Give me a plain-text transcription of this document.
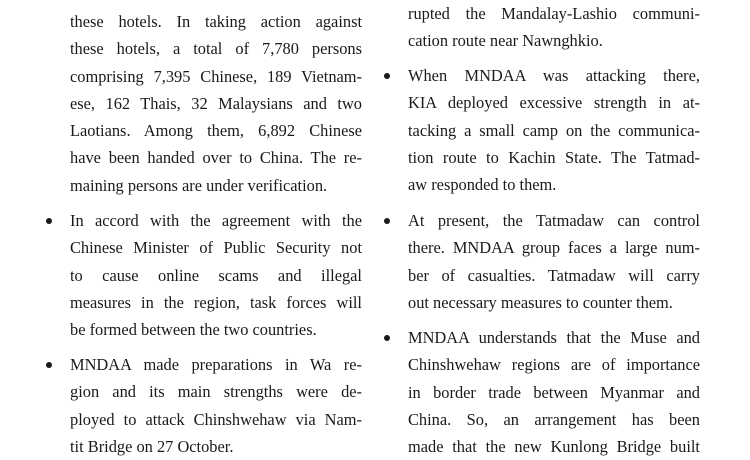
these hotels. In taking action against
these hotels, a total of 7,780 persons
comprising 7,395 Chinese, 189 Vietnam-
ese, 162 Thais, 32 Malaysians and two
Laotians. Among them, 6,892 Chinese
have been handed over to China. The re-
maining persons are under verification.
In accord with the agreement with the
Chinese Minister of Public Security not
to cause online scams and illegal
measures in the region, task forces will
be formed between the two countries.
MNDAA made preparations in Wa re-
gion and its main strengths were de-
ployed to attack Chinshwehaw via Nam-
tit Bridge on 27 October.
rupted the Mandalay-Lashio communi-
cation route near Nawnghkio.
When MNDAA was attacking there,
KIA deployed excessive strength in at-
tacking a small camp on the communica-
tion route to Kachin State. The Tatmad-
aw responded to them.
At present, the Tatmadaw can control
there. MNDAA group faces a large num-
ber of casualties. Tatmadaw will carry
out necessary measures to counter them.
MNDAA understands that the Muse and
Chinshwehaw regions are of importance
in border trade between Myanmar and
China. So, an arrangement has been
made that the new Kunlong Bridge built
